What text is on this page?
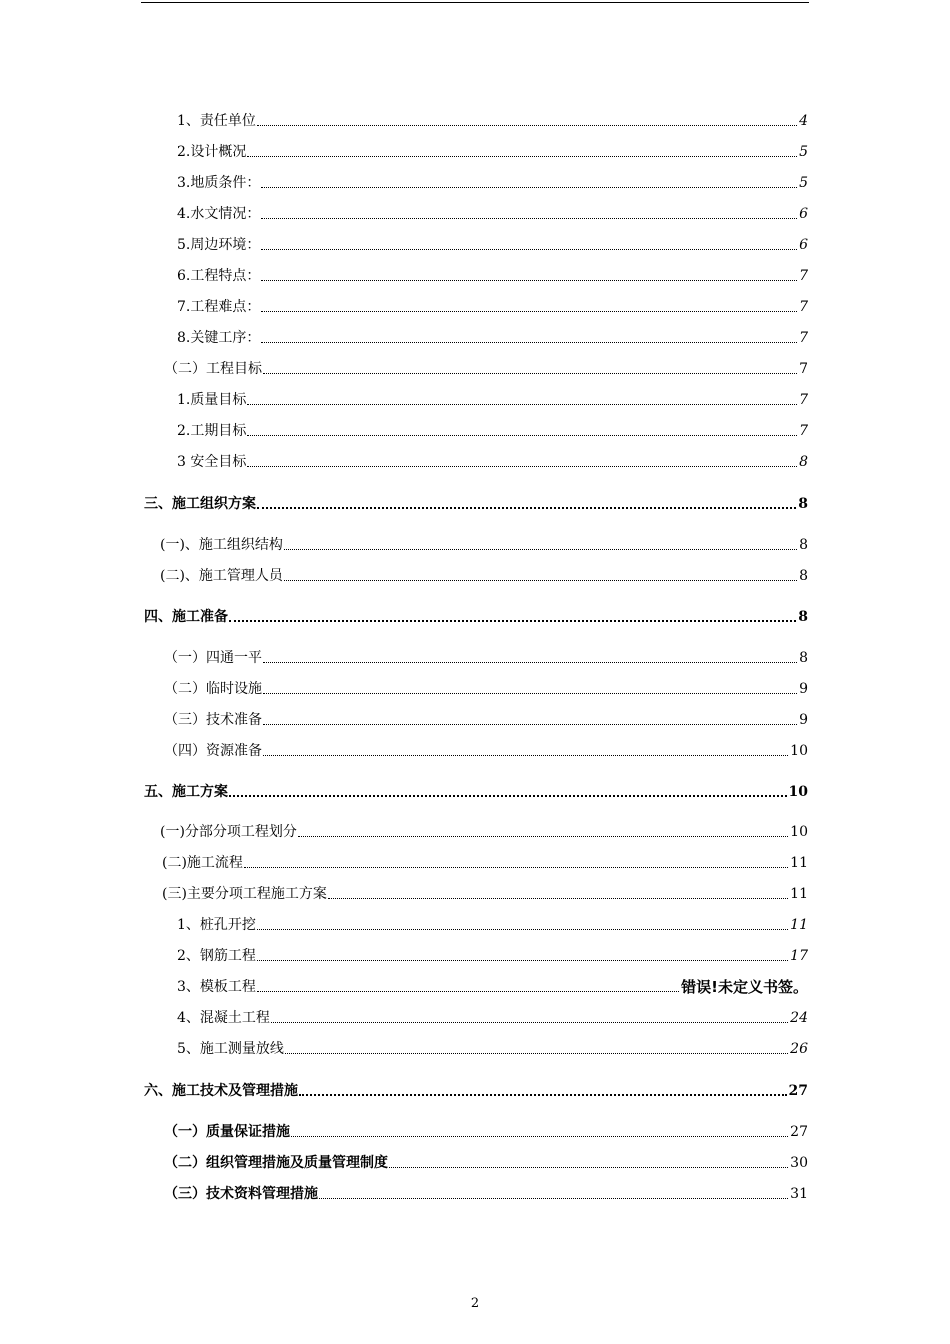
1、责任单位	4
2.设计概况	5
3.地质条件：	5
4.水文情况：	6
5.周边环境：	6
6.工程特点：	7
7.工程难点：	7
8.关键工序：	7
（二）工程目标	7
1.质量目标	7
2.工期目标	7
3 安全目标	8
三、施工组织方案	8
(一)、施工组织结构	8
(二)、施工管理人员	8
四、施工准备	8
（一）四通一平	8
（二）临时设施	9
（三）技术准备	9
（四）资源准备	10
五、施工方案	10
(一)分部分项工程划分	10
(二)施工流程	11
(三)主要分项工程施工方案	11
1、桩孔开挖	11
2、钢筋工程	17
3、模板工程	错误!未定义书签。
4、混凝土工程	24
5、施工测量放线	26
六、施工技术及管理措施	27
（一）质量保证措施	27
（二）组织管理措施及质量管理制度	30
（三）技术资料管理措施	31
2
